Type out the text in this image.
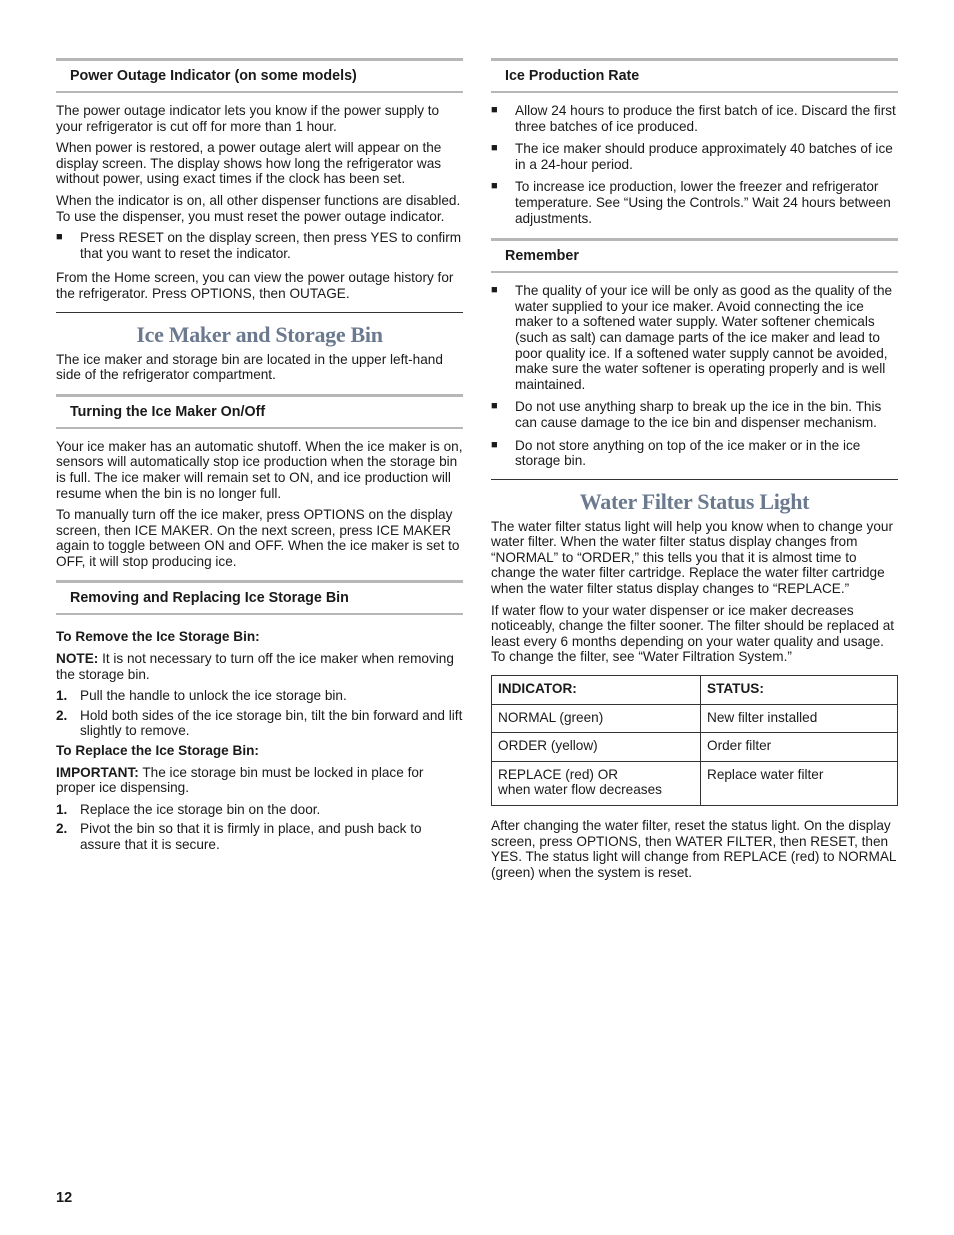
Power Outage Indicator (on some models)

The power outage indicator lets you know if the power supply to your refrigerator is cut off for more than 1 hour.

When power is restored, a power outage alert will appear on the display screen. The display shows how long the refrigerator was without power, using exact times if the clock has been set.

When the indicator is on, all other dispenser functions are disabled. To use the dispenser, you must reset the power outage indicator.

■ Press RESET on the display screen, then press YES to confirm that you want to reset the indicator.

From the Home screen, you can view the power outage history for the refrigerator. Press OPTIONS, then OUTAGE.

Ice Maker and Storage Bin

The ice maker and storage bin are located in the upper left-hand side of the refrigerator compartment.

Turning the Ice Maker On/Off

Your ice maker has an automatic shutoff. When the ice maker is on, sensors will automatically stop ice production when the storage bin is full. The ice maker will remain set to ON, and ice production will resume when the bin is no longer full.

To manually turn off the ice maker, press OPTIONS on the display screen, then ICE MAKER. On the next screen, press ICE MAKER again to toggle between ON and OFF. When the ice maker is set to OFF, it will stop producing ice.

Removing and Replacing Ice Storage Bin

To Remove the Ice Storage Bin:

NOTE: It is not necessary to turn off the ice maker when removing the storage bin.

1. Pull the handle to unlock the ice storage bin.
2. Hold both sides of the ice storage bin, tilt the bin forward and lift slightly to remove.

To Replace the Ice Storage Bin:

IMPORTANT: The ice storage bin must be locked in place for proper ice dispensing.

1. Replace the ice storage bin on the door.
2. Pivot the bin so that it is firmly in place, and push back to assure that it is secure.
Ice Production Rate
■ Allow 24 hours to produce the first batch of ice. Discard the first three batches of ice produced.
■ The ice maker should produce approximately 40 batches of ice in a 24-hour period.
■ To increase ice production, lower the freezer and refrigerator temperature. See “Using the Controls.” Wait 24 hours between adjustments.
Remember
■ The quality of your ice will be only as good as the quality of the water supplied to your ice maker. Avoid connecting the ice maker to a softened water supply. Water softener chemicals (such as salt) can damage parts of the ice maker and lead to poor quality ice. If a softened water supply cannot be avoided, make sure the water softener is operating properly and is well maintained.
■ Do not use anything sharp to break up the ice in the bin. This can cause damage to the ice bin and dispenser mechanism.
■ Do not store anything on top of the ice maker or in the ice storage bin.
Water Filter Status Light

The water filter status light will help you know when to change your water filter. When the water filter status display changes from “NORMAL” to “ORDER,” this tells you that it is almost time to change the water filter cartridge. Replace the water filter cartridge when the water filter status display changes to “REPLACE.”

If water flow to your water dispenser or ice maker decreases noticeably, change the filter sooner. The filter should be replaced at least every 6 months depending on your water quality and usage. To change the filter, see “Water Filtration System.”

INDICATOR:	STATUS:
NORMAL (green)	New filter installed
ORDER (yellow)	Order filter
REPLACE (red) OR
when water flow decreases	Replace water filter

After changing the water filter, reset the status light. On the display screen, press OPTIONS, then WATER FILTER, then RESET, then YES. The status light will change from REPLACE (red) to NORMAL (green) when the system is reset.

12
